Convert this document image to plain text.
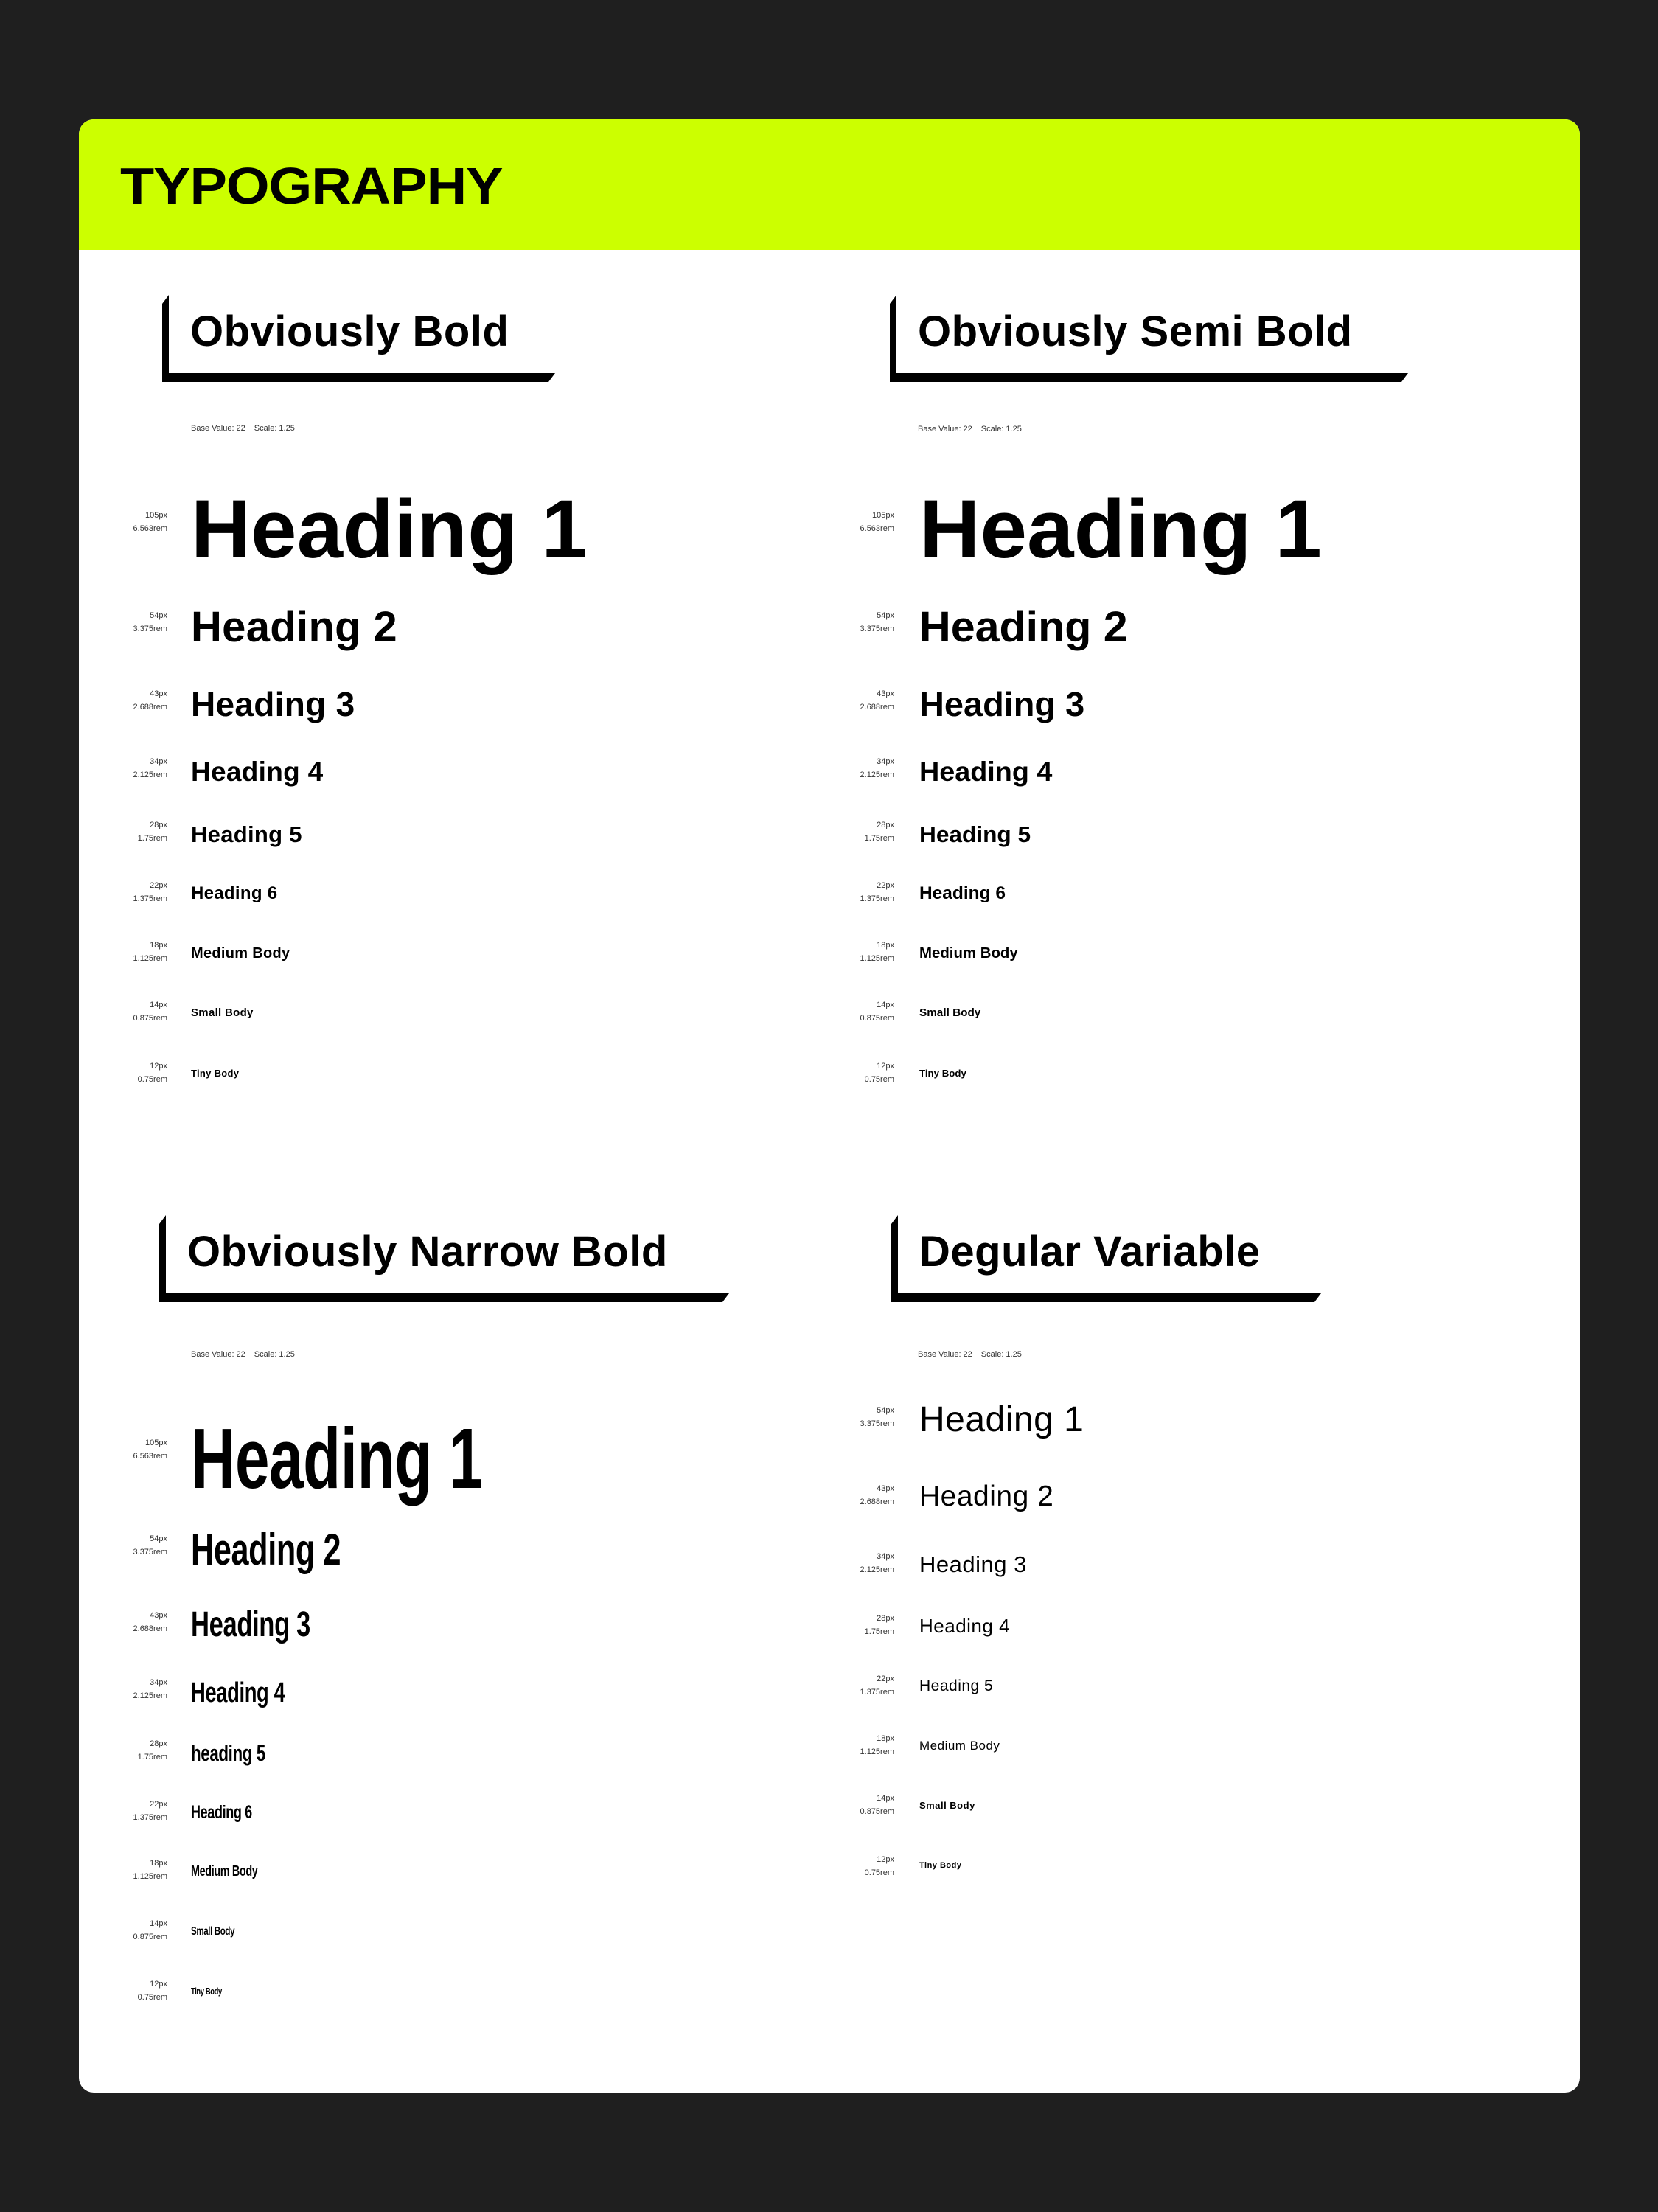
TYPOGRAPHY
Obviously Bold
Base Value: 22 Scale: 1.25
105px
6.563rem Heading 1
54px
3.375rem Heading 2
43px
2.688rem Heading 3
34px
2.125rem Heading 4
28px
1.75rem Heading 5
22px
1.375rem Heading 6
18px
1.125rem Medium Body
14px
0.875rem Small Body
12px
0.75rem
Tiny Body
Obviously Semi Bold
Base Value: 22 Scale: 1.25
105px
6.563rem Heading 1
54px
3.375rem Heading 2
43px
2.688rem Heading 3
34px
2.125rem Heading 4
28px
1.75rem Heading 5
22px
1.375rem Heading 6
18px
1.125rem Medium Body
14px
0.875rem Small Body
12px
0.75rem
Tiny Body
Obviously Narrow Bold
Base Value: 22 Scale: 1.25
105px
6.563rem Heading 1
54px
3.375rem Heading 2
43px
2.688rem Heading 3
34px
2.125rem Heading 4
28px
1.75rem heading 5
22px
1.375rem Heading 6
18px
1.125rem Medium Body
14px
0.875rem Small Body
12px
0.75rem
Tiny Body
Degular Variable
Base Value: 22 Scale: 1.25
54px
3.375rem Heading 1
43px
2.688rem Heading 2
34px
2.125rem Heading 3
28px
1.75rem Heading 4
22px
1.375rem Heading 5
18px
1.125rem Medium Body
14px
0.875rem
Small Body
12px
0.75rem
Tiny Body
